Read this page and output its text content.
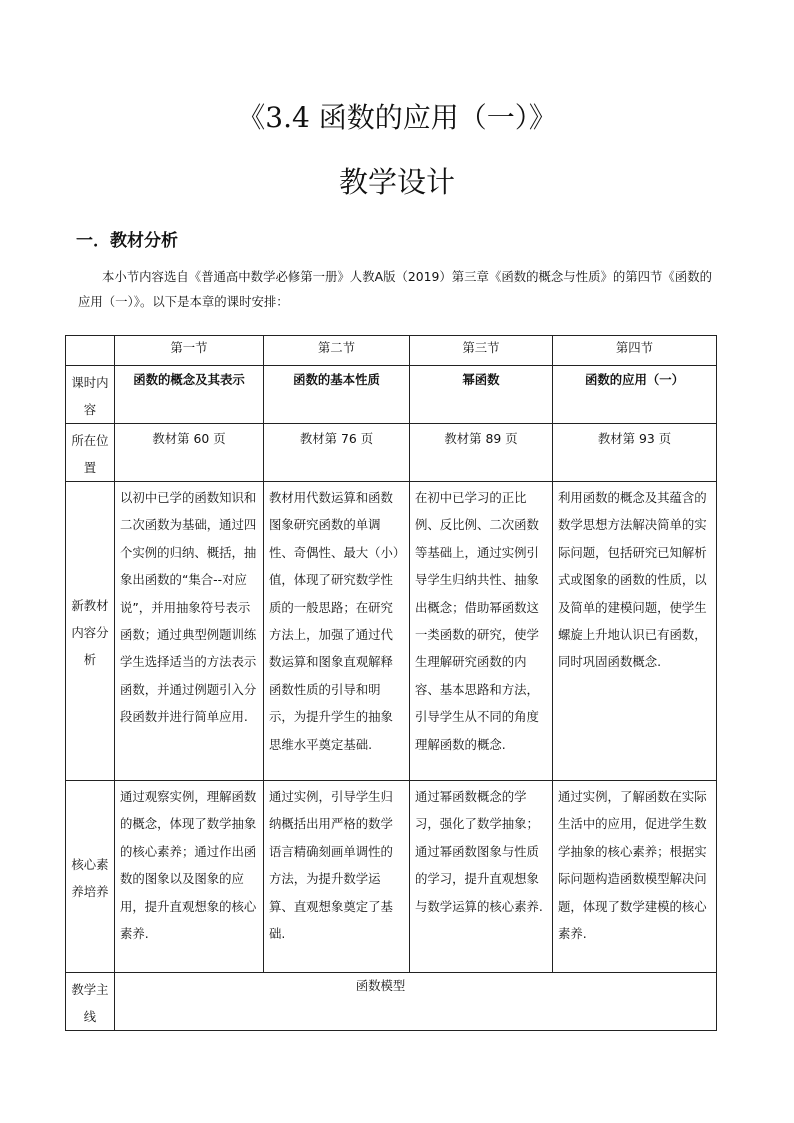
《3.4 函数的应用（一）》
教学设计
一．教材分析
本小节内容选自《普通高中数学必修第一册》人教A版（2019）第三章《函数的概念与性质》的第四节《函数的应用（一）》。以下是本章的课时安排：
	第一节	第二节	第三节	第四节
课时内容	函数的概念及其表示	函数的基本性质	幂函数	函数的应用（一）
所在位置	教材第 60 页	教材第 76 页	教材第 89 页	教材第 93 页
新教材内容分析	以初中已学的函数知识和二次函数为基础，通过四个实例的归纳、概括，抽象出函数的“集合--对应说”，并用抽象符号表示函数；通过典型例题训练学生选择适当的方法表示函数，并通过例题引入分段函数并进行简单应用.	教材用代数运算和函数图象研究函数的单调性、奇偶性、最大（小）值，体现了研究数学性质的一般思路；在研究方法上，加强了通过代数运算和图象直观解释函数性质的引导和明示，为提升学生的抽象思维水平奠定基础.	在初中已学习的正比例、反比例、二次函数等基础上，通过实例引导学生归纳共性、抽象出概念；借助幂函数这一类函数的研究，使学生理解研究函数的内容、基本思路和方法，引导学生从不同的角度理解函数的概念.	利用函数的概念及其蕴含的数学思想方法解决简单的实际问题，包括研究已知解析式或图象的函数的性质，以及简单的建模问题，使学生螺旋上升地认识已有函数，同时巩固函数概念.
核心素养培养	通过观察实例，理解函数的概念，体现了数学抽象的核心素养；通过作出函数的图象以及图象的应用，提升直观想象的核心素养.	通过实例，引导学生归纳概括出用严格的数学语言精确刻画单调性的方法，为提升数学运算、直观想象奠定了基础.	通过幂函数概念的学习，强化了数学抽象；通过幂函数图象与性质的学习，提升直观想象与数学运算的核心素养.	通过实例，了解函数在实际生活中的应用，促进学生数学抽象的核心素养；根据实际问题构造函数模型解决问题，体现了数学建模的核心素养.
教学主线	函数模型			
